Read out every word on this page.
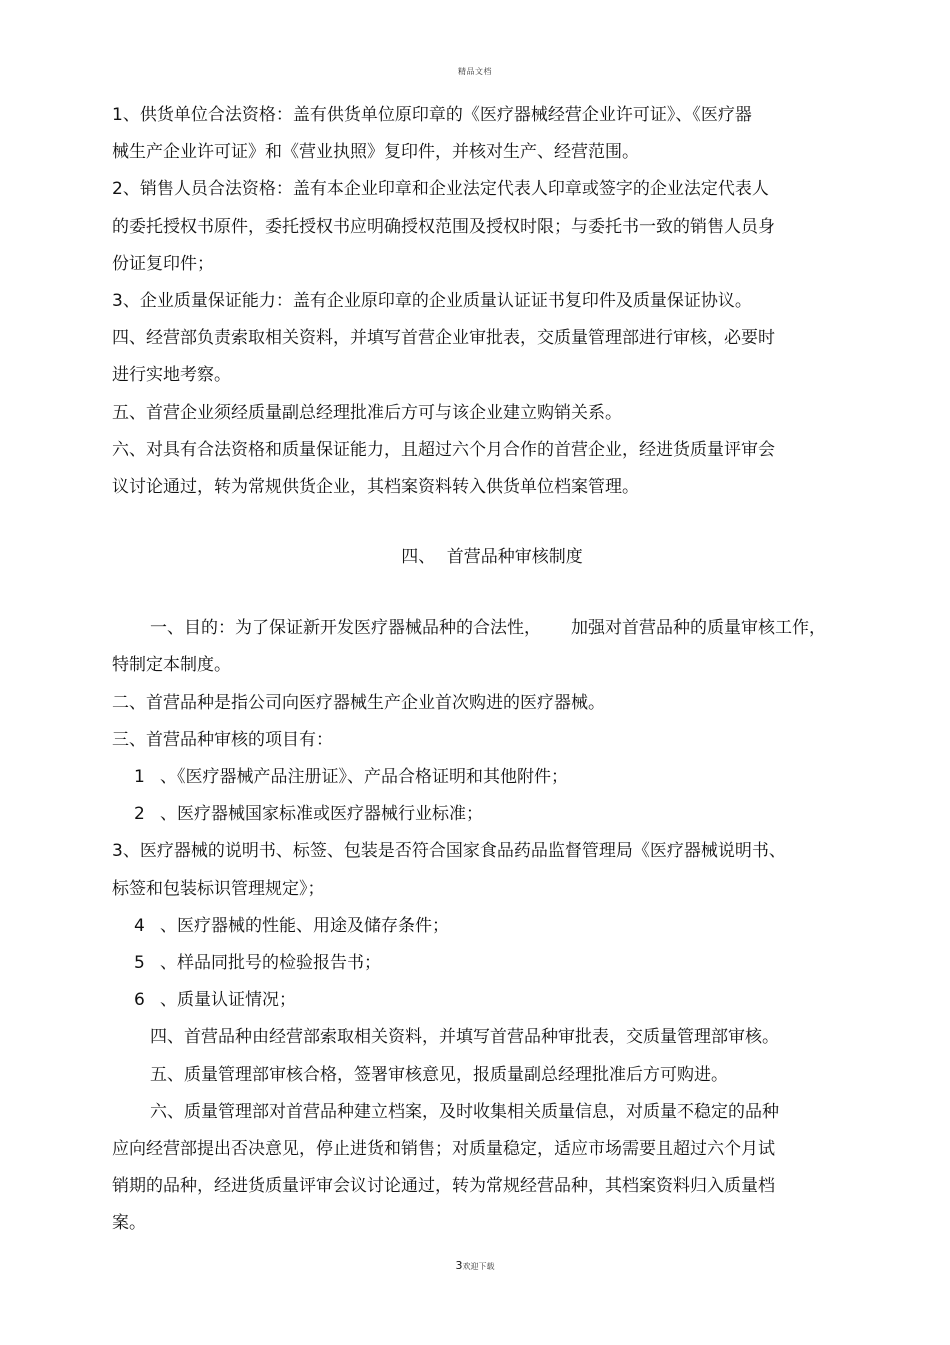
精品文档
1、供货单位合法资格：盖有供货单位原印章的《医疗器械经营企业许可证》、《医疗器
械生产企业许可证》和《营业执照》复印件，并核对生产、经营范围。
2、销售人员合法资格：盖有本企业印章和企业法定代表人印章或签字的企业法定代表人
的委托授权书原件，委托授权书应明确授权范围及授权时限；与委托书一致的销售人员身
份证复印件；
3、企业质量保证能力：盖有企业原印章的企业质量认证证书复印件及质量保证协议。
四、经营部负责索取相关资料，并填写首营企业审批表，交质量管理部进行审核，必要时
进行实地考察。
五、首营企业须经质量副总经理批准后方可与该企业建立购销关系。
六、对具有合法资格和质量保证能力，且超过六个月合作的首营企业，经进货质量评审会
议讨论通过，转为常规供货企业，其档案资料转入供货单位档案管理。
四、 首营品种审核制度
一、目的：为了保证新开发医疗器械品种的合法性， 加强对首营品种的质量审核工作，
特制定本制度。
二、首营品种是指公司向医疗器械生产企业首次购进的医疗器械。
三、首营品种审核的项目有：
1 、《医疗器械产品注册证》、产品合格证明和其他附件；
2 、医疗器械国家标准或医疗器械行业标准；
3、医疗器械的说明书、标签、包装是否符合国家食品药品监督管理局《医疗器械说明书、
标签和包装标识管理规定》；
4 、医疗器械的性能、用途及储存条件；
5 、样品同批号的检验报告书；
6 、质量认证情况；
四、首营品种由经营部索取相关资料，并填写首营品种审批表，交质量管理部审核。
五、质量管理部审核合格，签署审核意见，报质量副总经理批准后方可购进。
六、质量管理部对首营品种建立档案，及时收集相关质量信息，对质量不稳定的品种
应向经营部提出否决意见，停止进货和销售；对质量稳定，适应市场需要且超过六个月试
销期的品种，经进货质量评审会议讨论通过，转为常规经营品种，其档案资料归入质量档
案。
3欢迎下载
